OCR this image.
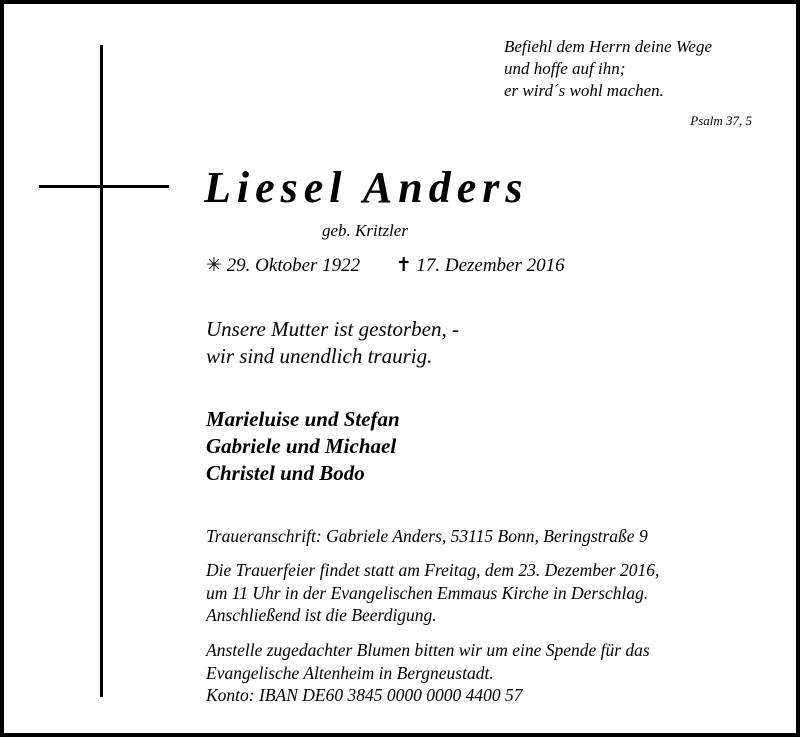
Befiehl dem Herrn deine Wege
und hoffe auf ihn;
er wird´s wohl machen.
Psalm 37, 5
Liesel Anders
geb. Kritzler
✳ 29. Oktober 1922 ✝ 17. Dezember 2016
Unsere Mutter ist gestorben, -
wir sind unendlich traurig.
Marieluise und Stefan
Gabriele und Michael
Christel und Bodo
Traueranschrift: Gabriele Anders, 53115 Bonn, Beringstraße 9
Die Trauerfeier findet statt am Freitag, dem 23. Dezember 2016,
um 11 Uhr in der Evangelischen Emmaus Kirche in Derschlag.
Anschließend ist die Beerdigung.
Anstelle zugedachter Blumen bitten wir um eine Spende für das
Evangelische Altenheim in Bergneustadt.
Konto: IBAN DE60 3845 0000 0000 4400 57
